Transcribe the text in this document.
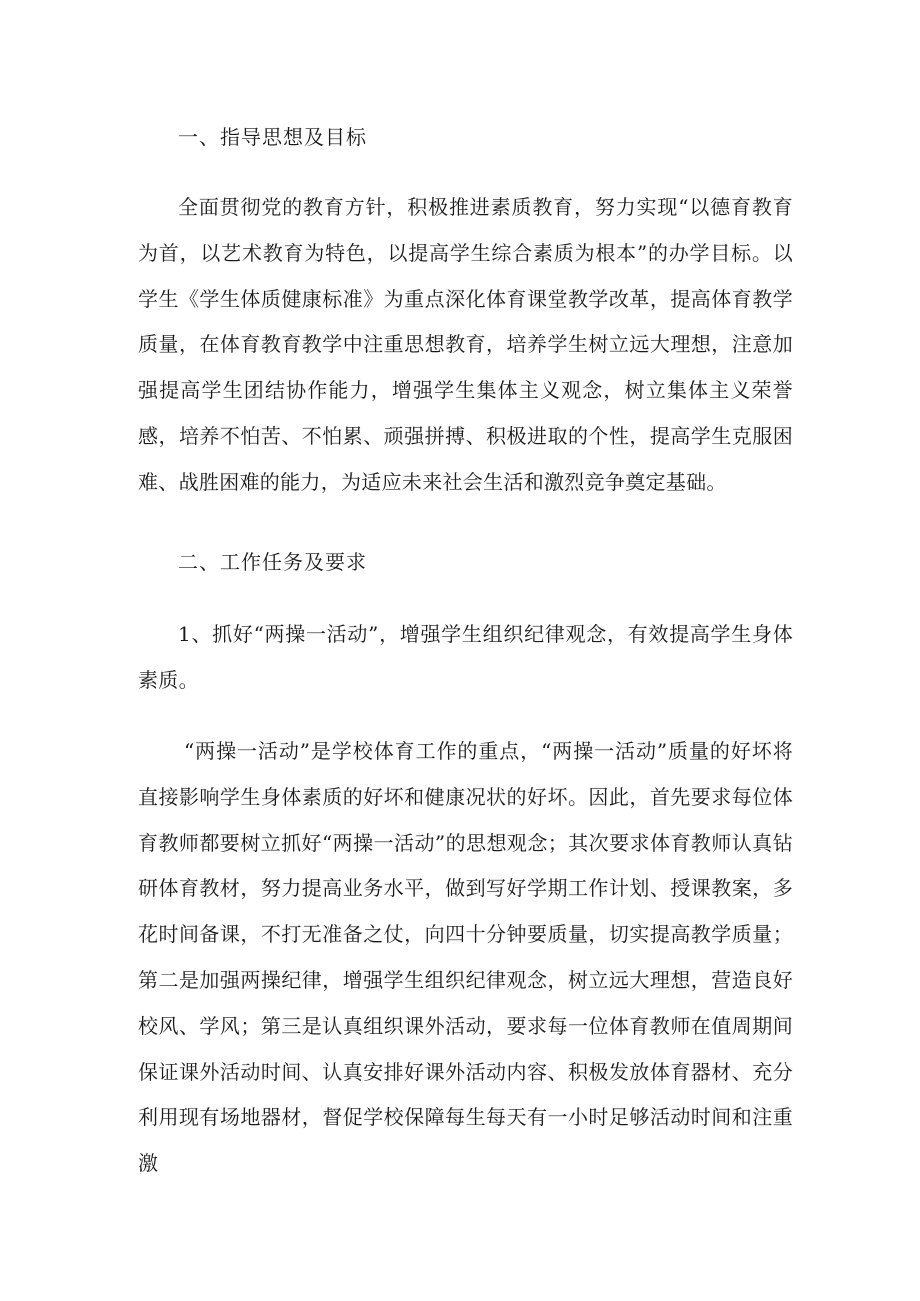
一、指导思想及目标

全面贯彻党的教育方针，积极推进素质教育，努力实现“以德育教育为首，以艺术教育为特色，以提高学生综合素质为根本”的办学目标。以学生《学生体质健康标准》为重点深化体育课堂教学改革，提高体育教学质量，在体育教育教学中注重思想教育，培养学生树立远大理想，注意加强提高学生团结协作能力，增强学生集体主义观念，树立集体主义荣誉感，培养不怕苦、不怕累、顽强拼搏、积极进取的个性，提高学生克服困难、战胜困难的能力，为适应未来社会生活和激烈竞争奠定基础。

二、工作任务及要求

1、抓好“两操一活动”，增强学生组织纪律观念，有效提高学生身体素质。

“两操一活动”是学校体育工作的重点，“两操一活动”质量的好坏将直接影响学生身体素质的好坏和健康况状的好坏。因此，首先要求每位体育教师都要树立抓好“两操一活动”的思想观念；其次要求体育教师认真钻研体育教材，努力提高业务水平，做到写好学期工作计划、授课教案，多花时间备课，不打无准备之仗，向四十分钟要质量，切实提高教学质量；第二是加强两操纪律，增强学生组织纪律观念，树立远大理想，营造良好校风、学风；第三是认真组织课外活动，要求每一位体育教师在值周期间保证课外活动时间、认真安排好课外活动内容、积极发放体育器材、充分利用现有场地器材，督促学校保障每生每天有一小时足够活动时间和注重激
